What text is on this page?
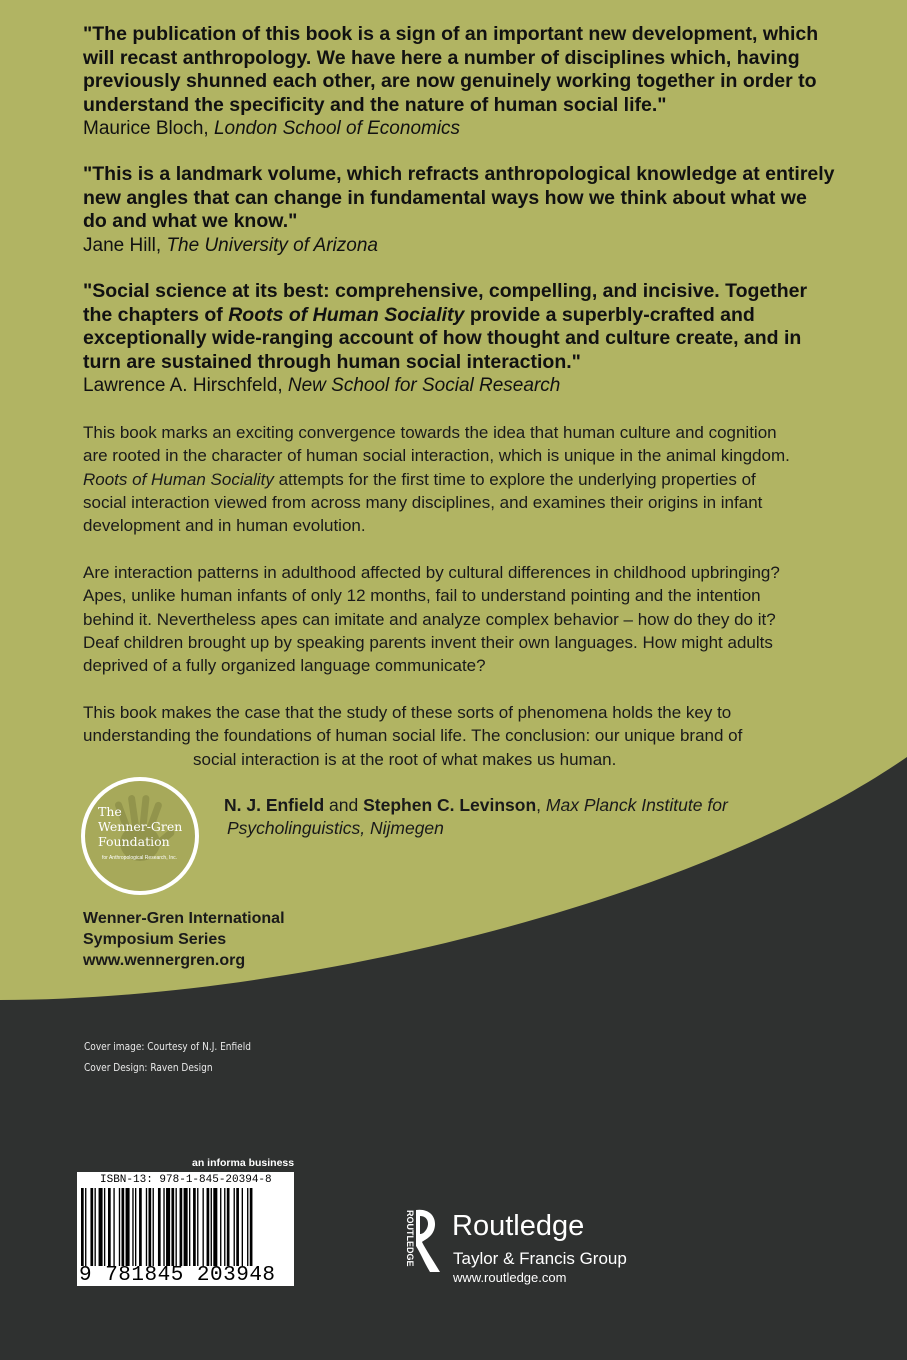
"The publication of this book is a sign of an important new development, which
will recast anthropology. We have here a number of disciplines which, having
previously shunned each other, are now genuinely working together in order to
understand the specificity and the nature of human social life."
Maurice Bloch, London School of Economics
"This is a landmark volume, which refracts anthropological knowledge at entirely
new angles that can change in fundamental ways how we think about what we
do and what we know."
Jane Hill, The University of Arizona
"Social science at its best: comprehensive, compelling, and incisive. Together
the chapters of Roots of Human Sociality provide a superbly-crafted and
exceptionally wide-ranging account of how thought and culture create, and in
turn are sustained through human social interaction."
Lawrence A. Hirschfeld, New School for Social Research
This book marks an exciting convergence towards the idea that human culture and cognition
are rooted in the character of human social interaction, which is unique in the animal kingdom.
Roots of Human Sociality attempts for the first time to explore the underlying properties of
social interaction viewed from across many disciplines, and examines their origins in infant
development and in human evolution.
Are interaction patterns in adulthood affected by cultural differences in childhood upbringing?
Apes, unlike human infants of only 12 months, fail to understand pointing and the intention
behind it. Nevertheless apes can imitate and analyze complex behavior – how do they do it?
Deaf children brought up by speaking parents invent their own languages. How might adults
deprived of a fully organized language communicate?
This book makes the case that the study of these sorts of phenomena holds the key to
understanding the foundations of human social life. The conclusion: our unique brand of
social interaction is at the root of what makes us human.
N. J. Enfield and Stephen C. Levinson, Max Planck Institute for
Psycholinguistics, Nijmegen
The
Wenner-Gren
Foundation
for Anthropological Research, Inc.
Wenner-Gren International
Symposium Series
www.wennergren.org
Cover image: Courtesy of N.J. Enfield
Cover Design: Raven Design
an informa business
ISBN-13: 978-1-845-20394-8
9 781845 203948
ROUTLEDGE Routledge
Taylor & Francis Group
www.routledge.com
